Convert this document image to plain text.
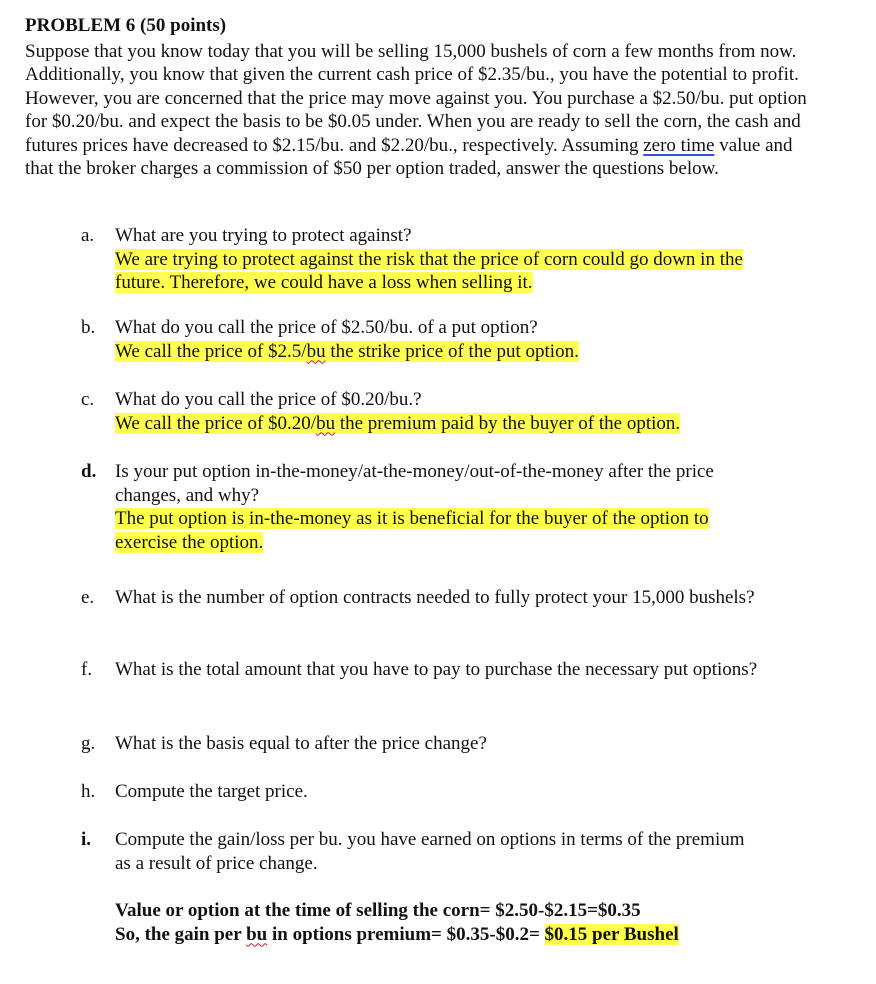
PROBLEM 6 (50 points)
Suppose that you know today that you will be selling 15,000 bushels of corn a few months from now. Additionally, you know that given the current cash price of $2.35/bu., you have the potential to profit. However, you are concerned that the price may move against you. You purchase a $2.50/bu. put option for $0.20/bu. and expect the basis to be $0.05 under. When you are ready to sell the corn, the cash and futures prices have decreased to $2.15/bu. and $2.20/bu., respectively. Assuming zero time value and that the broker charges a commission of $50 per option traded, answer the questions below.
a.	What are you trying to protect against?
We are trying to protect against the risk that the price of corn could go down in the future. Therefore, we could have a loss when selling it.
b.	What do you call the price of $2.50/bu. of a put option?
We call the price of $2.5/bu the strike price of the put option.
c.	What do you call the price of $0.20/bu.?
We call the price of $0.20/bu the premium paid by the buyer of the option.
d. Is your put option in-the-money/at-the-money/out-of-the-money after the price changes, and why?
The put option is in-the-money as it is beneficial for the buyer of the option to exercise the option.
e.	What is the number of option contracts needed to fully protect your 15,000 bushels?
f.	What is the total amount that you have to pay to purchase the necessary put options?
g.	What is the basis equal to after the price change?
h.	Compute the target price.
i.	Compute the gain/loss per bu. you have earned on options in terms of the premium as a result of price change.
Value or option at the time of selling the corn= $2.50-$2.15=$0.35
So, the gain per bu in options premium= $0.35-$0.2= $0.15 per Bushel
